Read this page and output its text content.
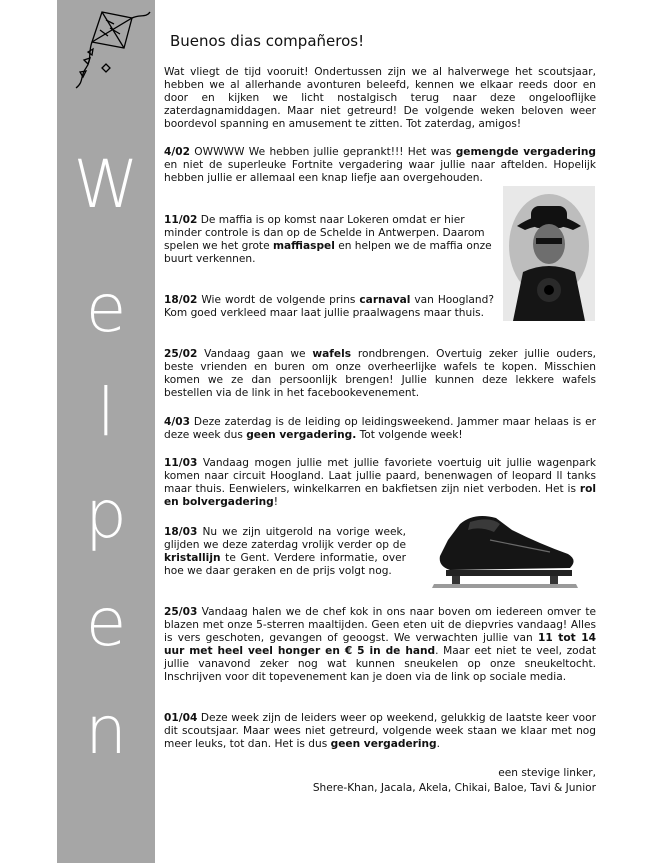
W
e
l
p
e
n
Buenos dias compañeros!

Wat vliegt de tijd vooruit! Ondertussen zijn we al halverwege het scoutsjaar, hebben we al allerhande avonturen beleefd, kennen we elkaar reeds door en door en kijken we licht nostalgisch terug naar deze ongelooflijke zaterdagnamiddagen. Maar niet getreurd! De volgende weken beloven weer boordevol spanning en amusement te zitten. Tot zaterdag, amigos!

4/02 OWWWW We hebben jullie geprankt!!! Het was gemengde vergadering en niet de superleuke Fortnite vergadering waar jullie naar aftelden. Hopelijk hebben jullie er allemaal een knap liefje aan overgehouden.

11/02 De maffia is op komst naar Lokeren omdat er hier minder controle is dan op de Schelde in Antwerpen. Daarom spelen we het grote maffiaspel en helpen we de maffia onze buurt verkennen.

18/02 Wie wordt de volgende prins carnaval van Hoogland? Kom goed verkleed maar laat jullie praalwagens maar thuis.

25/02 Vandaag gaan we wafels rondbrengen. Overtuig zeker jullie ouders, beste vrienden en buren om onze overheerlijke wafels te kopen. Misschien komen we ze dan persoonlijk brengen! Jullie kunnen deze lekkere wafels bestellen via de link in het facebookevenement.

4/03 Deze zaterdag is de leiding op leidingsweekend. Jammer maar helaas is er deze week dus geen vergadering. Tot volgende week!

11/03 Vandaag mogen jullie met jullie favoriete voertuig uit jullie wagenpark komen naar circuit Hoogland. Laat jullie paard, benenwagen of leopard ll tanks maar thuis. Eenwielers, winkelkarren en bakfietsen zijn niet verboden. Het is rol en bolvergadering!

18/03 Nu we zijn uitgerold na vorige week, glijden we deze zaterdag vrolijk verder op de kristallijn te Gent. Verdere informatie, over hoe we daar geraken en de prijs volgt nog.

25/03 Vandaag halen we de chef kok in ons naar boven om iedereen omver te blazen met onze 5-sterren maaltijden. Geen eten uit de diepvries vandaag! Alles is vers geschoten, gevangen of geoogst. We verwachten jullie van 11 tot 14 uur met heel veel honger en € 5 in de hand. Maar eet niet te veel, zodat jullie vanavond zeker nog wat kunnen sneukelen op onze sneukeltocht. Inschrijven voor dit topevenement kan je doen via de link op sociale media.

01/04 Deze week zijn de leiders weer op weekend, gelukkig de laatste keer voor dit scoutsjaar. Maar wees niet getreurd, volgende week staan we klaar met nog meer leuks, tot dan. Het is dus geen vergadering.

een stevige linker,
Shere-Khan, Jacala, Akela, Chikai, Baloe, Tavi & Junior
